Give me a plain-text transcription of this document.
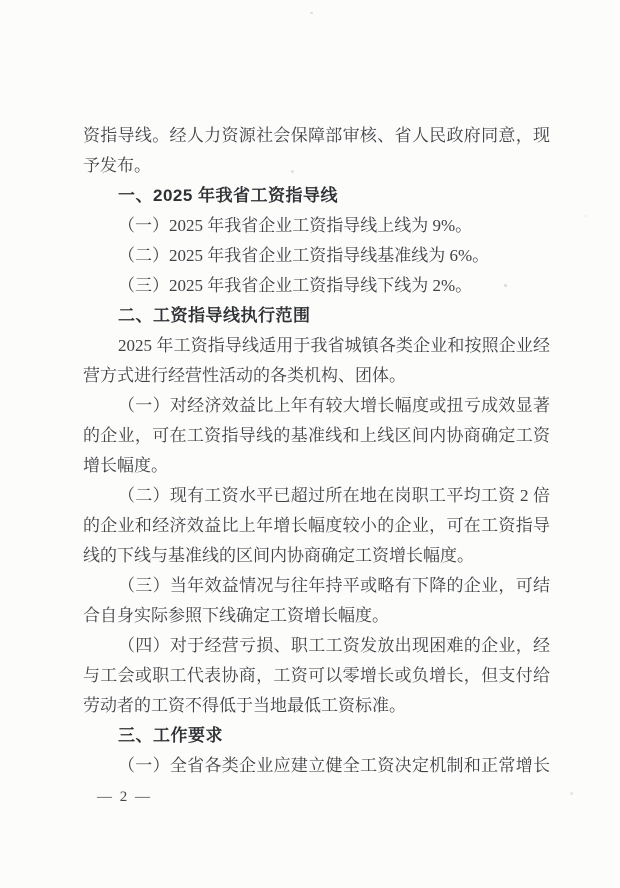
资指导线。经人力资源社会保障部审核、省人民政府同意，现
予发布。
一、2025 年我省工资指导线
（一）2025 年我省企业工资指导线上线为 9%。
（二）2025 年我省企业工资指导线基准线为 6%。
（三）2025 年我省企业工资指导线下线为 2%。
二、工资指导线执行范围
2025 年工资指导线适用于我省城镇各类企业和按照企业经
营方式进行经营性活动的各类机构、团体。
（一）对经济效益比上年有较大增长幅度或扭亏成效显著
的企业，可在工资指导线的基准线和上线区间内协商确定工资
增长幅度。
（二）现有工资水平已超过所在地在岗职工平均工资 2 倍
的企业和经济效益比上年增长幅度较小的企业，可在工资指导
线的下线与基准线的区间内协商确定工资增长幅度。
（三）当年效益情况与往年持平或略有下降的企业，可结
合自身实际参照下线确定工资增长幅度。
（四）对于经营亏损、职工工资发放出现困难的企业，经
与工会或职工代表协商，工资可以零增长或负增长，但支付给
劳动者的工资不得低于当地最低工资标准。
三、工作要求
（一）全省各类企业应建立健全工资决定机制和正常增长
— 2 —
